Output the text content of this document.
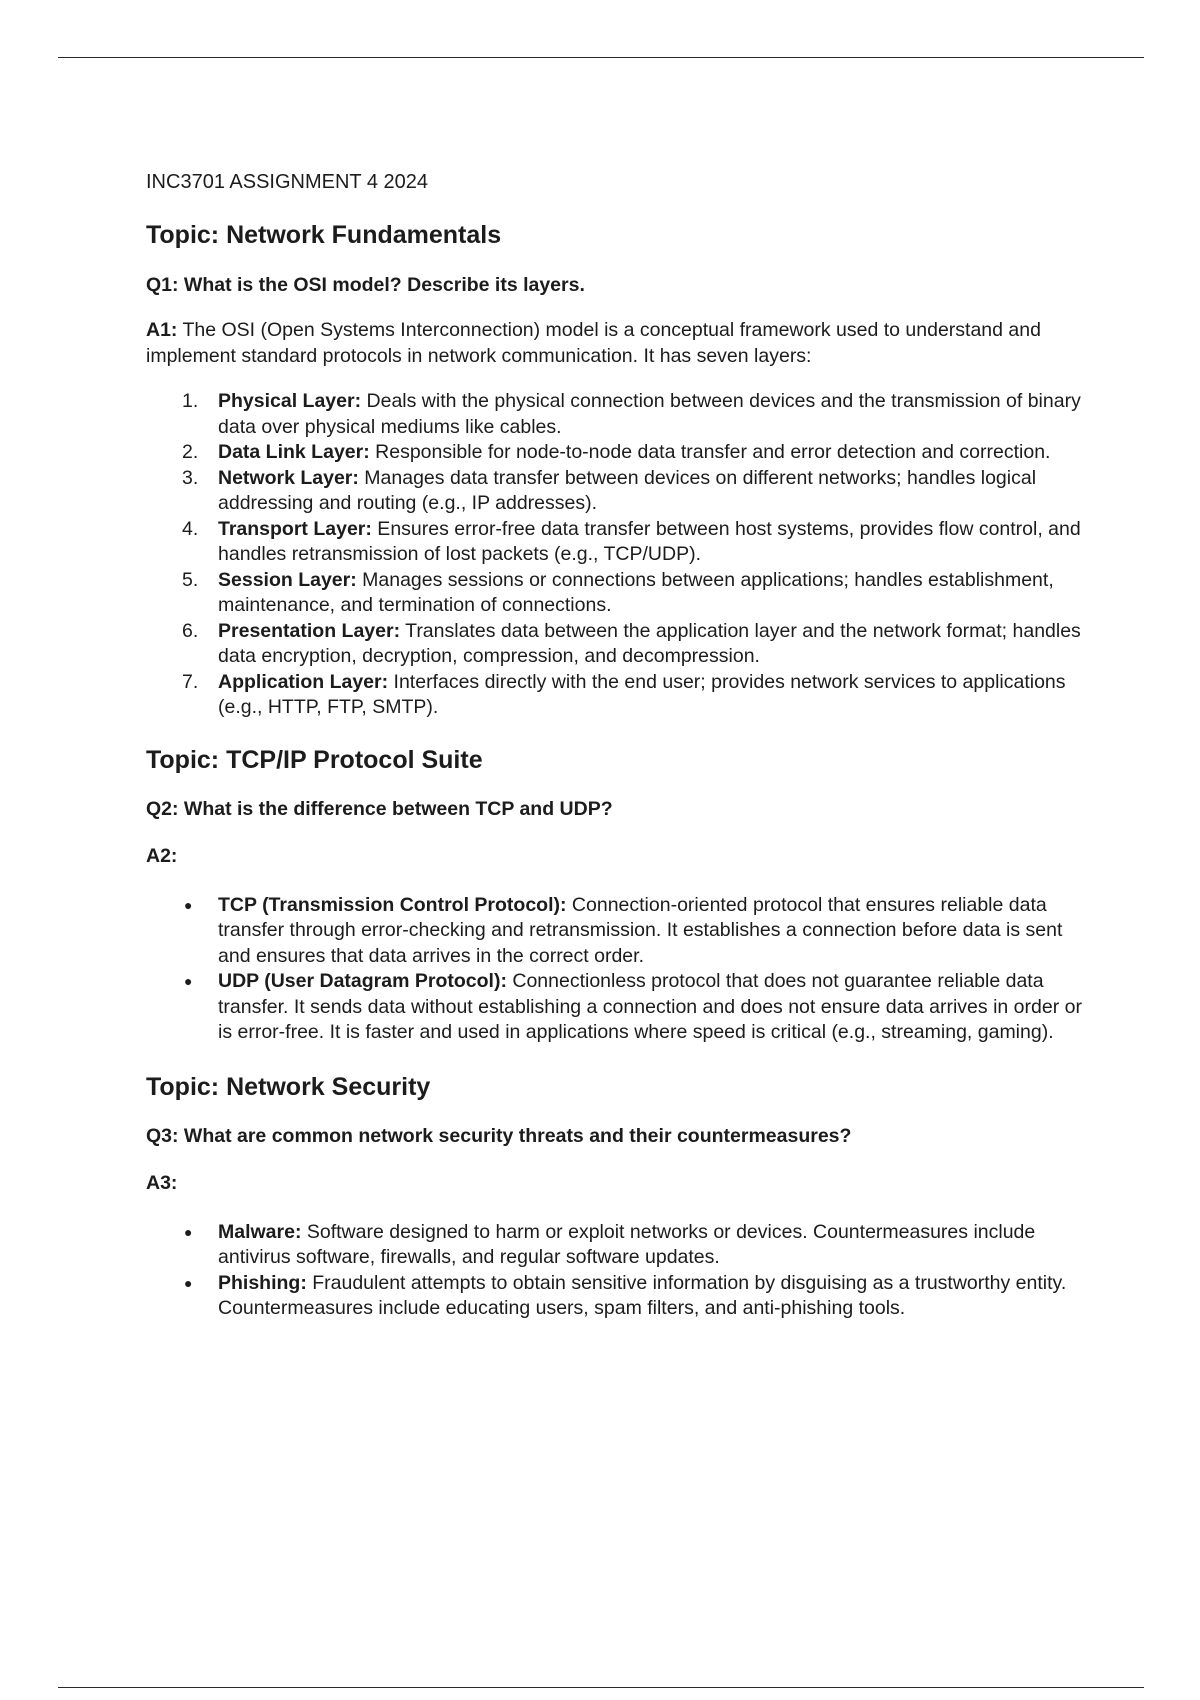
INC3701 ASSIGNMENT 4 2024

Topic: Network Fundamentals

Q1: What is the OSI model? Describe its layers.

A1: The OSI (Open Systems Interconnection) model is a conceptual framework used to understand and implement standard protocols in network communication. It has seven layers:

1. Physical Layer: Deals with the physical connection between devices and the transmission of binary data over physical mediums like cables.
2. Data Link Layer: Responsible for node-to-node data transfer and error detection and correction.
3. Network Layer: Manages data transfer between devices on different networks; handles logical addressing and routing (e.g., IP addresses).
4. Transport Layer: Ensures error-free data transfer between host systems, provides flow control, and handles retransmission of lost packets (e.g., TCP/UDP).
5. Session Layer: Manages sessions or connections between applications; handles establishment, maintenance, and termination of connections.
6. Presentation Layer: Translates data between the application layer and the network format; handles data encryption, decryption, compression, and decompression.
7. Application Layer: Interfaces directly with the end user; provides network services to applications (e.g., HTTP, FTP, SMTP).
Topic: TCP/IP Protocol Suite

Q2: What is the difference between TCP and UDP?

A2:

● TCP (Transmission Control Protocol): Connection-oriented protocol that ensures reliable data transfer through error-checking and retransmission. It establishes a connection before data is sent and ensures that data arrives in the correct order.
● UDP (User Datagram Protocol): Connectionless protocol that does not guarantee reliable data transfer. It sends data without establishing a connection and does not ensure data arrives in order or is error-free. It is faster and used in applications where speed is critical (e.g., streaming, gaming).
Topic: Network Security

Q3: What are common network security threats and their countermeasures?

A3:

● Malware: Software designed to harm or exploit networks or devices. Countermeasures include antivirus software, firewalls, and regular software updates.
● Phishing: Fraudulent attempts to obtain sensitive information by disguising as a trustworthy entity. Countermeasures include educating users, spam filters, and anti-phishing tools.
